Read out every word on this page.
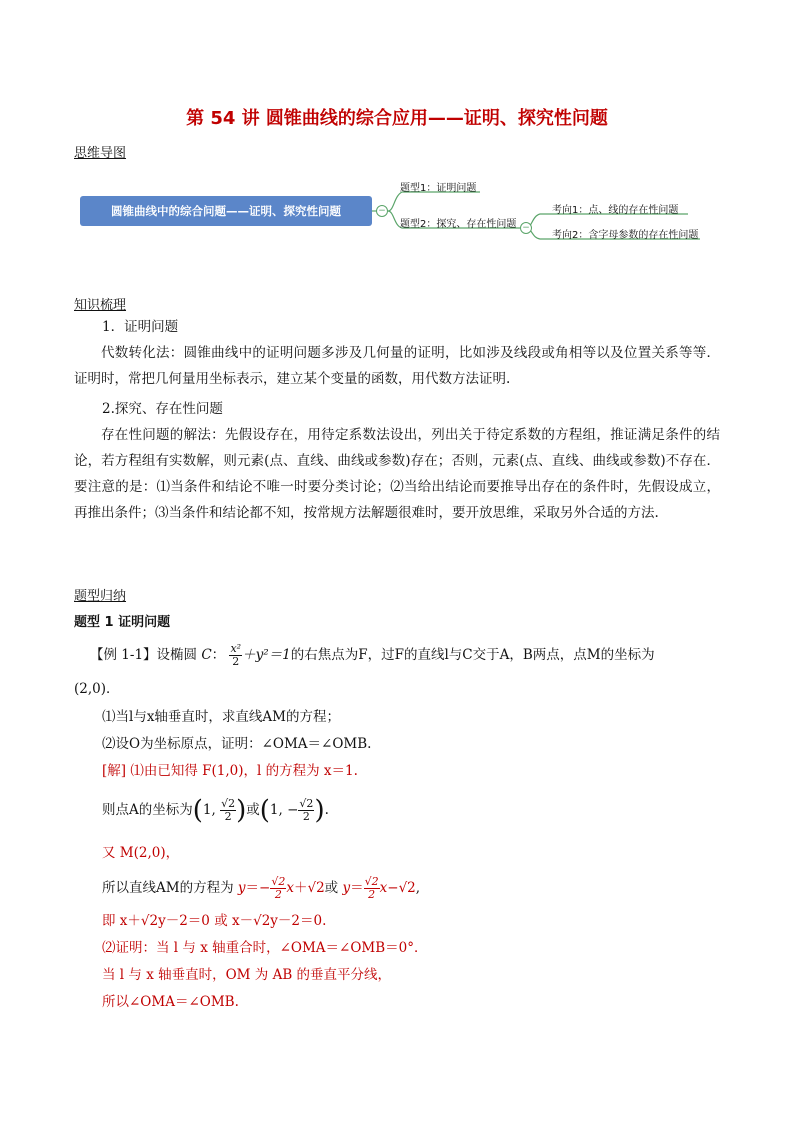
第 54 讲 圆锥曲线的综合应用——证明、探究性问题
思维导图
圆锥曲线中的综合问题——证明、探究性问题	−
题型1：证明问题
题型2：探究、存在性问题 −
考向1：点、线的存在性问题
考向2：含字母参数的存在性问题
知识梳理
1．证明问题
代数转化法：圆锥曲线中的证明问题多涉及几何量的证明，比如涉及线段或角相等以及位置关系等等．证明时，常把几何量用坐标表示，建立某个变量的函数，用代数方法证明.
2.探究、存在性问题
存在性问题的解法：先假设存在，用待定系数法设出，列出关于待定系数的方程组，推证满足条件的结论，若方程组有实数解，则元素(点、直线、曲线或参数)存在；否则，元素(点、直线、曲线或参数)不存在．要注意的是：⑴当条件和结论不唯一时要分类讨论；⑵当给出结论而要推导出存在的条件时，先假设成立，再推出条件；⑶当条件和结论都不知，按常规方法解题很难时，要开放思维，采取另外合适的方法.
题型归纳
题型 1 证明问题
【例 1-1】设椭圆 C： $\frac{\text{x²}}{2} +y^2=1$的右焦点为F，过F的直线l与C交于A，B两点，点M的坐标为
(2,0)．
⑴当l与x轴垂直时，求直线AM的方程；
⑵设O为坐标原点，证明：∠OMA＝∠OMB.
[解] ⑴由已知得 F(1,0)，l 的方程为 x＝1.
则点A的坐标为(1, $\frac{√2}{2}$ )或(1, − $\frac{√2}{2}$ ).
又 M(2,0)，
所以直线AM的方程为 $y=- \frac{√2}{2} x+√2$或 $y= \frac{√2}{2} x-√2$,
即 x＋√2y－2＝0 或 x－√2y－2＝0.
⑵证明：当 l 与 x 轴重合时，∠OMA＝∠OMB＝0°．
当 l 与 x 轴垂直时，OM 为 AB 的垂直平分线，
所以∠OMA＝∠OMB.
